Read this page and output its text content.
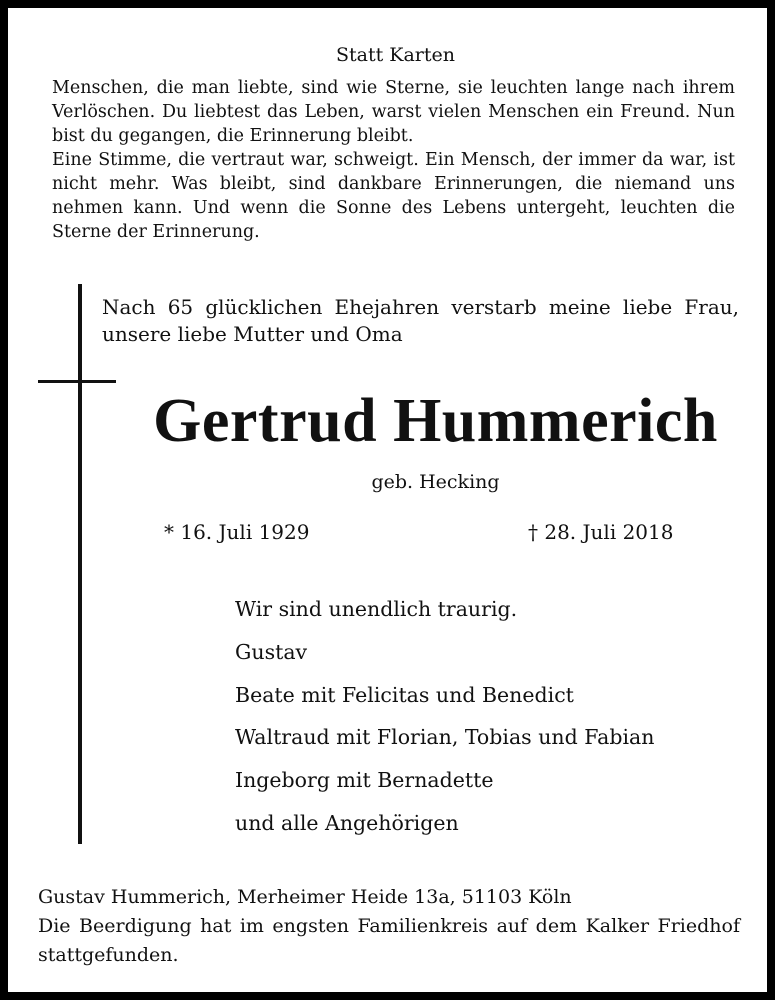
Statt Karten

Menschen, die man liebte, sind wie Sterne, sie leuchten lange nach ihrem Verlöschen. Du liebtest das Leben, warst vielen Menschen ein Freund. Nun bist du gegangen, die Erinnerung bleibt.

Eine Stimme, die vertraut war, schweigt. Ein Mensch, der immer da war, ist nicht mehr. Was bleibt, sind dankbare Erinnerungen, die niemand uns nehmen kann. Und wenn die Sonne des Lebens untergeht, leuchten die Sterne der Erinnerung.

Nach 65 glücklichen Ehejahren verstarb meine liebe Frau,
unsere liebe Mutter und Oma
Gertrud Hummerich
geb. Hecking
* 16. Juli 1929	† 28. Juli 2018
Wir sind unendlich traurig.
Gustav
Beate mit Felicitas und Benedict
Waltraud mit Florian, Tobias und Fabian
Ingeborg mit Bernadette
und alle Angehörigen
Gustav Hummerich, Merheimer Heide 13a, 51103 Köln
Die Beerdigung hat im engsten Familienkreis auf dem Kalker Friedhof stattgefunden.
